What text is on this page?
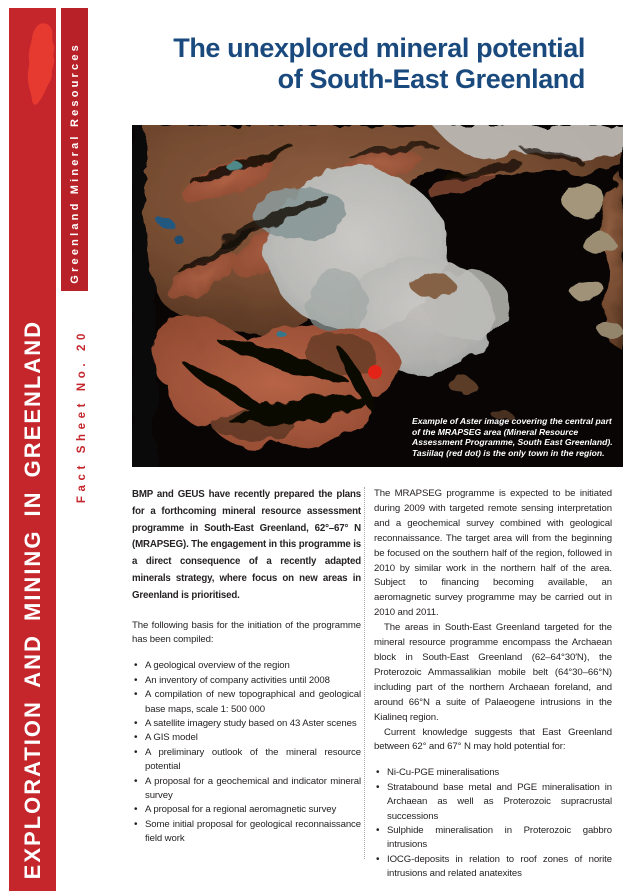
EXPLORATION AND MINING IN GREENLAND
Greenland Mineral Resources
Fact Sheet No. 20
The unexplored mineral potential
of South-East Greenland
Example of Aster image covering the central part of the MRAPSEG area (Mineral Resource Assessment Programme, South East Greenland). Tasiilaq (red dot) is the only town in the region.

BMP and GEUS have recently prepared the plans for a forthcoming mineral resource assessment programme in South-East Greenland, 62°–67° N (MRAPSEG). The engagement in this programme is a direct consequence of a recently adapted minerals strategy, where focus on new areas in Greenland is prioritised.

The following basis for the initiation of the programme has been compiled:

• A geological overview of the region
• An inventory of company activities until 2008
• A compilation of new topographical and geological base maps, scale 1: 500 000
• A satellite imagery study based on 43 Aster scenes
• A GIS model
• A preliminary outlook of the mineral resource potential
• A proposal for a geochemical and indicator mineral survey
• A proposal for a regional aeromagnetic survey
• Some initial proposal for geological reconnaissance field work

The MRAPSEG programme is expected to be initiated during 2009 with targeted remote sensing interpretation and a geochemical survey combined with geological reconnaissance. The target area will from the beginning be focused on the southern half of the region, followed in 2010 by similar work in the northern half of the area. Subject to financing becoming available, an aeromagnetic survey programme may be carried out in 2010 and 2011.

The areas in South-East Greenland targeted for the mineral resource programme encompass the Archaean block in South-East Greenland (62–64°30′N), the Proterozoic Ammassalikian mobile belt (64°30–66°N) including part of the northern Archaean foreland, and around 66°N a suite of Palaeogene intrusions in the Kialineq region.

Current knowledge suggests that East Greenland between 62° and 67° N may hold potential for:

• Ni-Cu-PGE mineralisations
• Stratabound base metal and PGE mineralisation in Archaean as well as Proterozoic supracrustal successions
• Sulphide mineralisation in Proterozoic gabbro intrusions
• IOCG-deposits in relation to roof zones of norite intrusions and related anatexites
